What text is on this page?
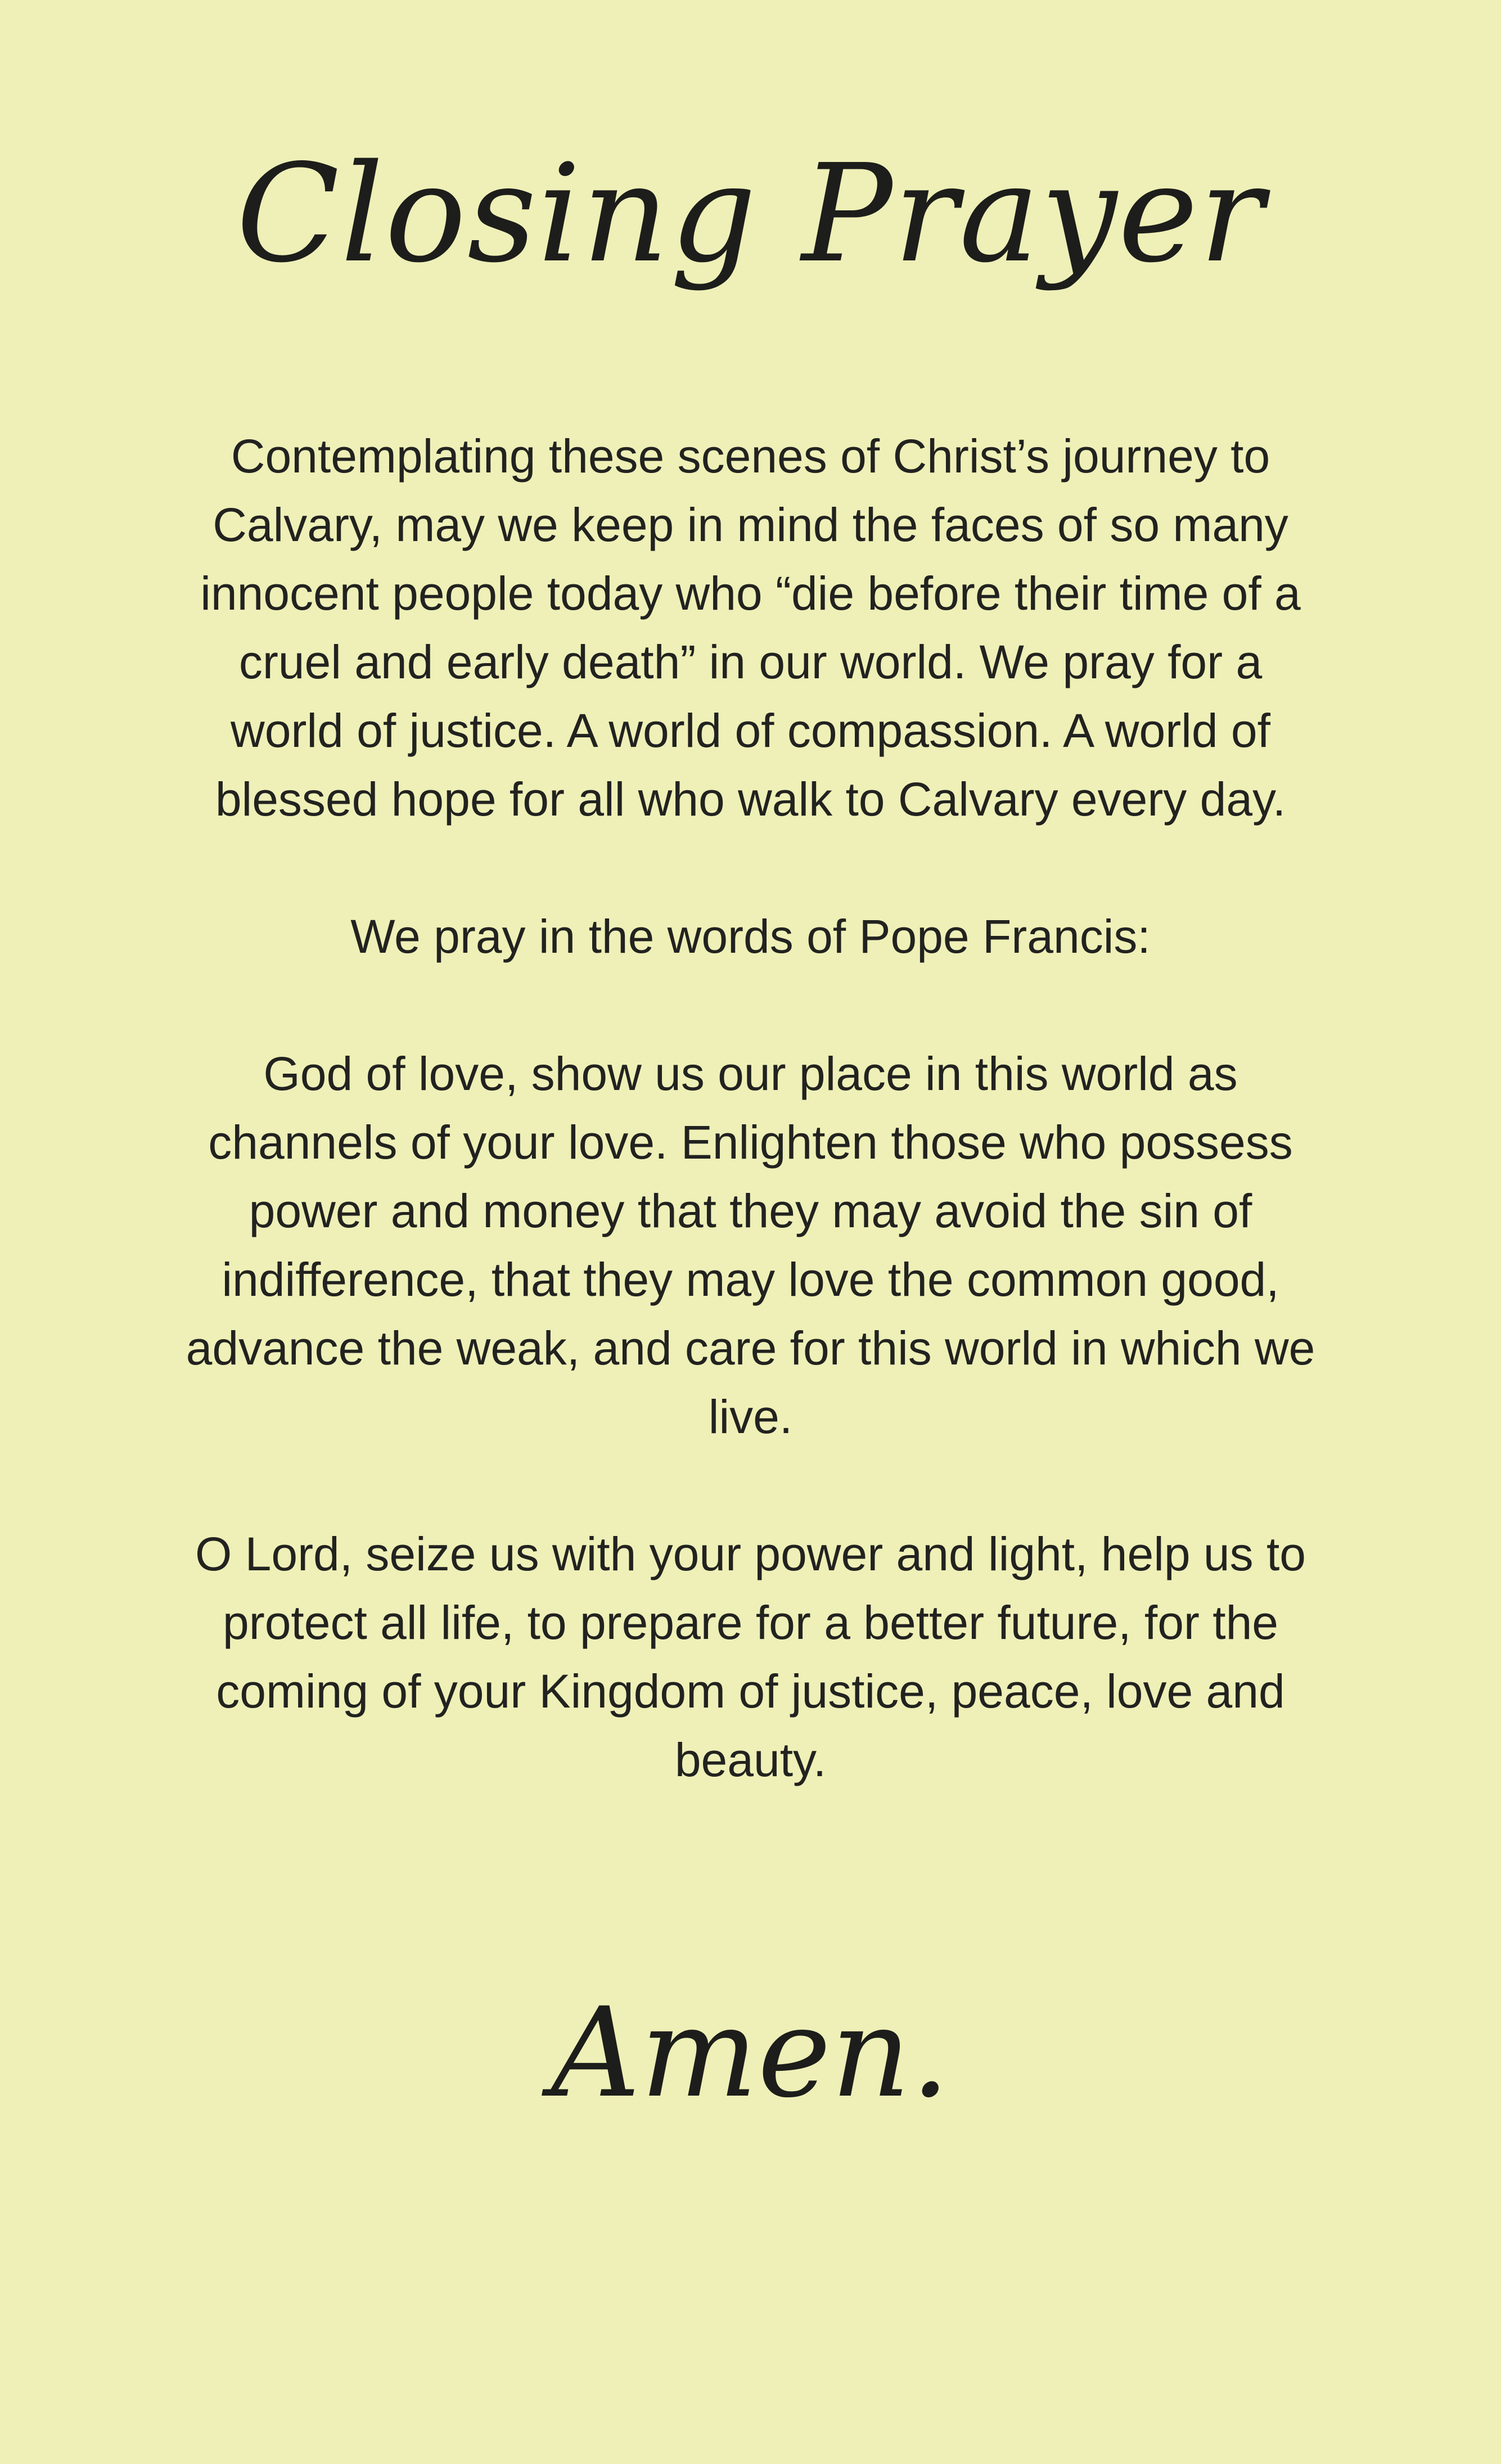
Closing Prayer

Contemplating these scenes of Christ’s journey to Calvary, may we keep in mind the faces of so many innocent people today who “die before their time of a cruel and early death” in our world. We pray for a world of justice. A world of compassion. A world of blessed hope for all who walk to Calvary every day.

We pray in the words of Pope Francis:

God of love, show us our place in this world as channels of your love. Enlighten those who possess power and money that they may avoid the sin of indifference, that they may love the common good, advance the weak, and care for this world in which we live.

O Lord, seize us with your power and light, help us to protect all life, to prepare for a better future, for the coming of your Kingdom of justice, peace, love and beauty.

Amen.
